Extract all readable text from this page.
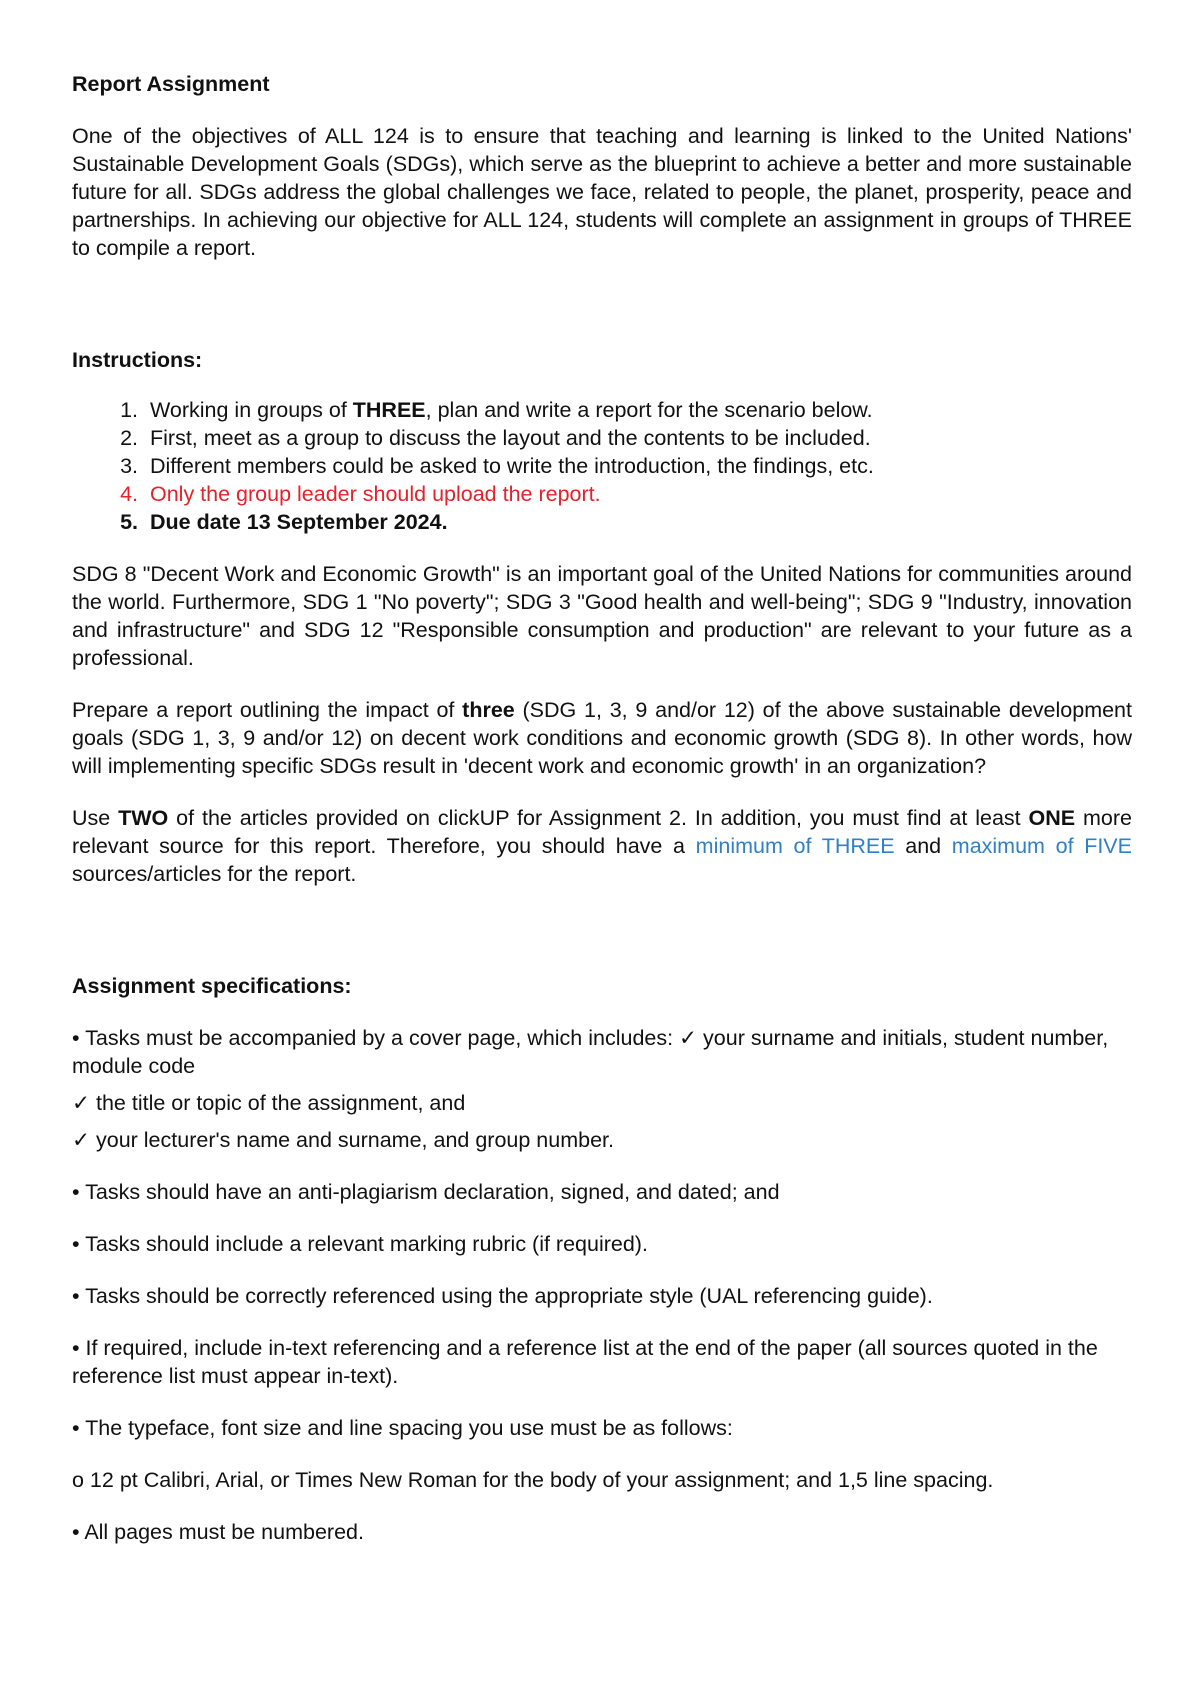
Report Assignment

One of the objectives of ALL 124 is to ensure that teaching and learning is linked to the United Nations' Sustainable Development Goals (SDGs), which serve as the blueprint to achieve a better and more sustainable future for all. SDGs address the global challenges we face, related to people, the planet, prosperity, peace and partnerships. In achieving our objective for ALL 124, students will complete an assignment in groups of THREE to compile a report.

Instructions:

1. Working in groups of THREE, plan and write a report for the scenario below.
2. First, meet as a group to discuss the layout and the contents to be included.
3. Different members could be asked to write the introduction, the findings, etc.
4. Only the group leader should upload the report.
5. Due date 13 September 2024.

SDG 8 "Decent Work and Economic Growth" is an important goal of the United Nations for communities around the world. Furthermore, SDG 1 "No poverty"; SDG 3 "Good health and well-being"; SDG 9 "Industry, innovation and infrastructure" and SDG 12 "Responsible consumption and production" are relevant to your future as a professional.

Prepare a report outlining the impact of three (SDG 1, 3, 9 and/or 12) of the above sustainable development goals (SDG 1, 3, 9 and/or 12) on decent work conditions and economic growth (SDG 8). In other words, how will implementing specific SDGs result in 'decent work and economic growth' in an organization?

Use TWO of the articles provided on clickUP for Assignment 2. In addition, you must find at least ONE more relevant source for this report. Therefore, you should have a minimum of THREE and maximum of FIVE sources/articles for the report.

Assignment specifications:

• Tasks must be accompanied by a cover page, which includes: ✓ your surname and initials, student number, module code

✓ the title or topic of the assignment, and

✓ your lecturer's name and surname, and group number.

• Tasks should have an anti-plagiarism declaration, signed, and dated; and

• Tasks should include a relevant marking rubric (if required).

• Tasks should be correctly referenced using the appropriate style (UAL referencing guide).

• If required, include in-text referencing and a reference list at the end of the paper (all sources quoted in the reference list must appear in-text).

• The typeface, font size and line spacing you use must be as follows:

o 12 pt Calibri, Arial, or Times New Roman for the body of your assignment; and 1,5 line spacing.

• All pages must be numbered.
